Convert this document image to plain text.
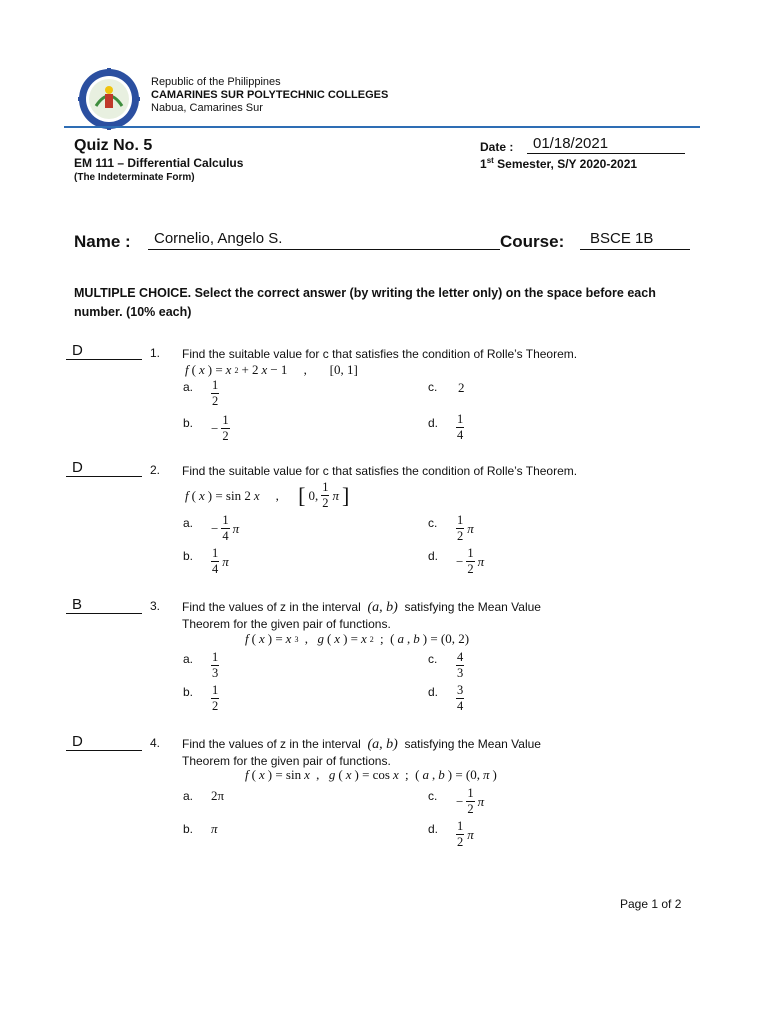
Republic of the Philippines
CAMARINES SUR POLYTECHNIC COLLEGES
Nabua, Camarines Sur
Quiz No. 5
EM 111 – Differential Calculus
(The Indeterminate Form)
Date : 01/18/2021
1st Semester, S/Y 2020-2021
Name : Cornelio, Angelo S.	Course: BSCE 1B
MULTIPLE CHOICE. Select the correct answer (by writing the letter only) on the space before each number. (10% each)
D	1. Find the suitable value for c that satisfies the condition of Rolle’s Theorem.
f ( x ) = x 2 + 2 x − 1     ,       [0, 1]
a. $\frac{1}{2}$
b. − $\frac{1}{2}$
c. 2
d. $\frac{1}{4}$
D	2. Find the suitable value for c that satisfies the condition of Rolle’s Theorem.
f ( x ) = sin 2 x , [ 0, $\frac{1}{2}$ π ]
a. − $\frac{1}{4}$ π
b. $\frac{1}{4}$ π
c. $\frac{1}{2}$ π
d. − $\frac{1}{2}$ π
B	3. Find the values of z in the interval (a, b) satisfying the Mean Value
Theorem for the given pair of functions.
f ( x ) = x 3 , g ( x ) = x 2 ;  ( a , b ) = (0, 2)
a. $\frac{1}{3}$
b. $\frac{1}{2}$
c. $\frac{4}{3}$
d. $\frac{3}{4}$
D	4. Find the values of z in the interval (a, b) satisfying the Mean Value
Theorem for the given pair of functions.
f ( x ) = sin x , g ( x ) = cos x ;  ( a , b ) = (0, π )
a. 2π
b. π
c. − $\frac{1}{2}$ π
d. $\frac{1}{2}$ π
Page 1 of 2
